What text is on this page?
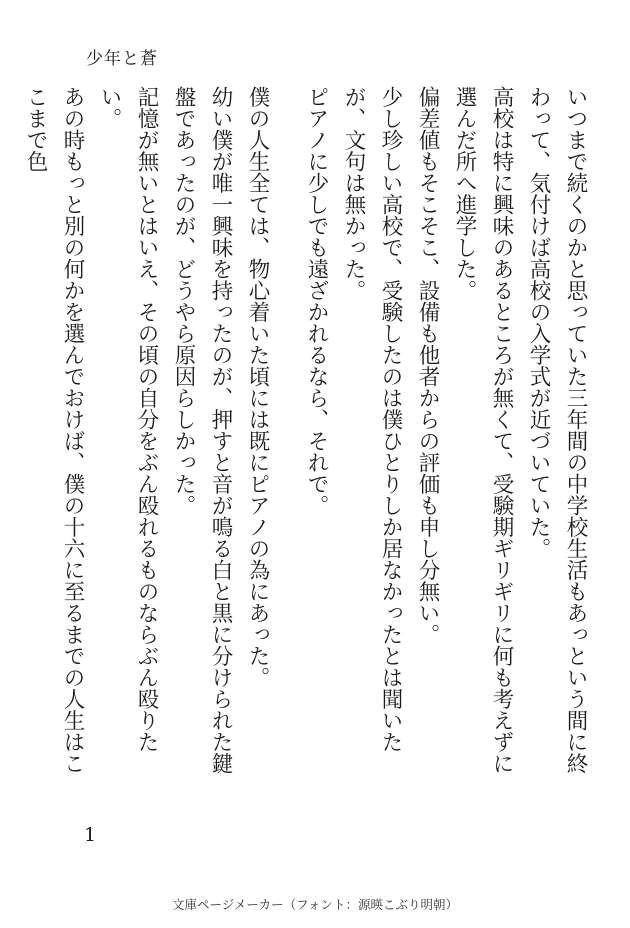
少年と蒼

いつまで続くのかと思っていた三年間の中学校生活もあっという間に終わって、気付けば高校の入学式が近づいていた。

高校は特に興味のあるところが無くて、受験期ギリギリに何も考えずに選んだ所へ進学した。

偏差値もそこそこ、設備も他者からの評価も申し分無い。

少し珍しい高校で、受験したのは僕ひとりしか居なかったとは聞いたが、文句は無かった。

ピアノに少しでも遠ざかれるなら、それで。

僕の人生全ては、物心着いた頃には既にピアノの為にあった。

幼い僕が唯一興味を持ったのが、押すと音が鳴る白と黒に分けられた鍵盤であったのが、どうやら原因らしかった。

記憶が無いとはいえ、その頃の自分をぶん殴れるものならぶん殴りたい。

あの時もっと別の何かを選んでおけば、僕の十六に至るまでの人生はここまで色

1
文庫ページメーカー（フォント：源暎こぶり明朝）
